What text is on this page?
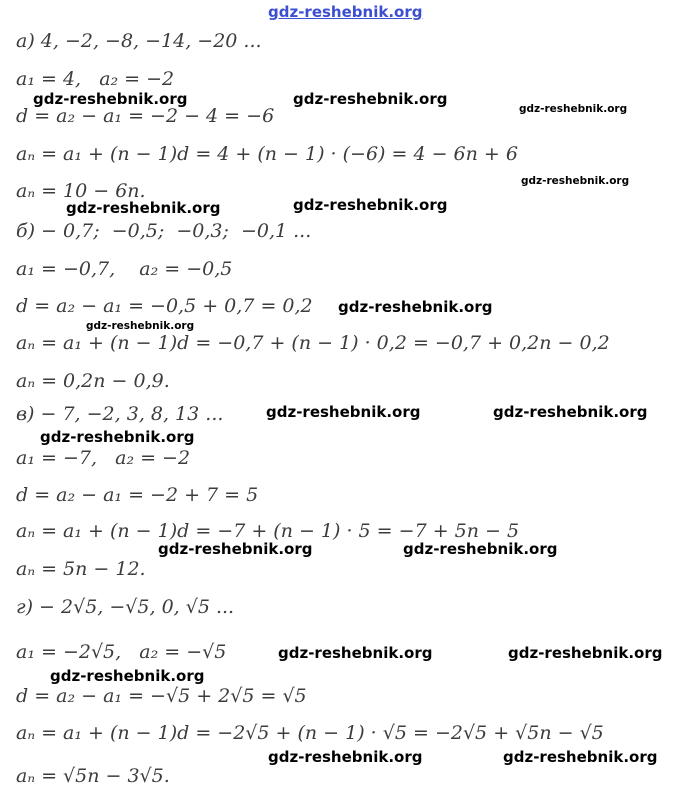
gdz-reshebnik.org
а) 4, −2, −8, −14, −20 ...
a₁ = 4,   a₂ = −2
d = a₂ − a₁ = −2 − 4 = −6
aₙ = a₁ + (n − 1)d = 4 + (n − 1) · (−6) = 4 − 6n + 6
aₙ = 10 − 6n.
б) − 0,7;  −0,5;  −0,3;  −0,1 ...
a₁ = −0,7,    a₂ = −0,5
d = a₂ − a₁ = −0,5 + 0,7 = 0,2
aₙ = a₁ + (n − 1)d = −0,7 + (n − 1) · 0,2 = −0,7 + 0,2n − 0,2
aₙ = 0,2n − 0,9.
в) − 7, −2, 3, 8, 13 ...
a₁ = −7,   a₂ = −2
d = a₂ − a₁ = −2 + 7 = 5
aₙ = a₁ + (n − 1)d = −7 + (n − 1) · 5 = −7 + 5n − 5
aₙ = 5n − 12.
г) − 2√5, −√5, 0, √5 ...
a₁ = −2√5,   a₂ = −√5
d = a₂ − a₁ = −√5 + 2√5 = √5
aₙ = a₁ + (n − 1)d = −2√5 + (n − 1) · √5 = −2√5 + √5n − √5
aₙ = √5n − 3√5.
gdz-reshebnik.org	gdz-reshebnik.org
gdz-reshebnik.org
gdz-reshebnik.org
gdz-reshebnik.org	gdz-reshebnik.org
gdz-reshebnik.org
gdz-reshebnik.org
gdz-reshebnik.org	gdz-reshebnik.org
gdz-reshebnik.org
gdz-reshebnik.org	gdz-reshebnik.org
gdz-reshebnik.org	gdz-reshebnik.org
gdz-reshebnik.org
gdz-reshebnik.org	gdz-reshebnik.org
